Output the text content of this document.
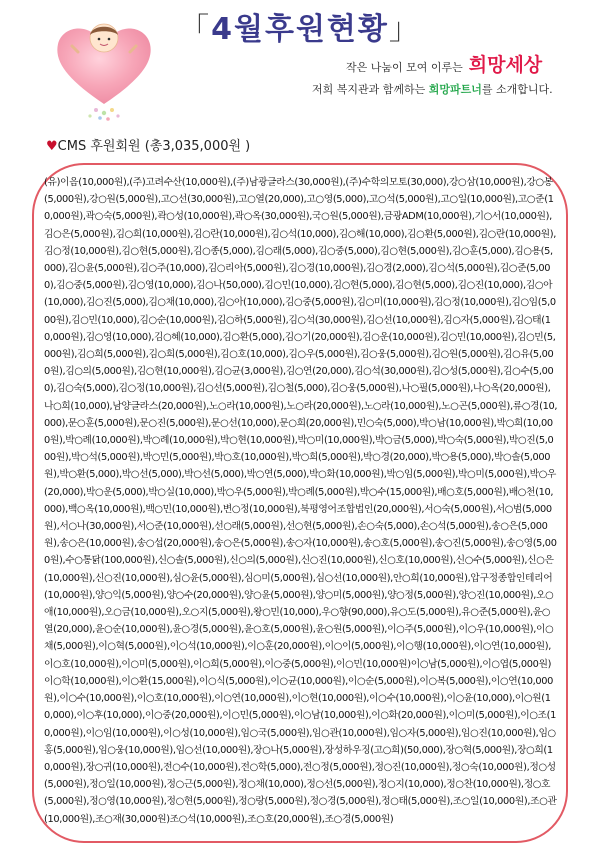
「4월후원현황」
작은 나눔이 모여 이루는 희망세상
저희 복지관과 함께하는 희망파트너를 소개합니다.
♥CMS 후원회원 (총3,035,000원 )
(유)이음(10,000원),(주)고려수산(10,000원),(주)남광글라스(30,000원),(주)수학의모토(30,000),강○삼(10,000원),강○봉(5,000원),강○원(5,000원),고○선(30,000원),고○열(20,000),고○영(5,000),고○석(5,000원),고○일(10,000원),고○준(10,000원),곽○숙(5,000원),곽○성(10,000원),곽○옥(30,000원),국○원(5,000원),금광ADM(10,000원),기○서(10,000원),김○은(5,000원),김○희(10,000원),김○란(10,000원),김○석(10,000),김○해(10,000),김○환(5,000원),김○란(10,000원),김○정(10,000원),김○현(5,000원),김○종(5,000),김○래(5,000),김○중(5,000),김○현(5,000원),김○훈(5,000),김○용(5,000),김○윤(5,000원),김○주(10,000),김○리아(5,000원),김○경(10,000원),김○경(2,000),김○석(5,000원),김○준(5,000),김○중(5,000원),김○영(10,000),김○나(50,000),김○민(10,000),김○현(5,000),김○현(5,000),김○진(10,000),김○아(10,000),김○진(5,000),김○채(10,000),김○아(10,000),김○중(5,000원),김○미(10,000원),김○정(10,000원),김○임(5,000원),김○민(10,000),김○순(10,000원),김○하(5,000원),김○석(30,000원),김○선(10,000원),김○자(5,000원),김○태(10,000원),김○영(10,000),김○혜(10,000),김○환(5,000),김○기(20,000원),김○운(10,000원),김○민(10,000원),김○민(5,000원),김○희(5,000원),김○희(5,000원),김○호(10,000),김○우(5,000원),김○웅(5,000원),김○원(5,000원),김○유(5,000원),김○의(5,000원),김○현(10,000원),김○균(3,000원),김○연(20,000),김○석(30,000원),김○성(5,000원),김○수(5,000),김○숙(5,000),김○정(10,000원),김○선(5,000원),김○철(5,000),김○웅(5,000원),나○필(5,000원),나○옥(20,000원),나○희(10,000),남양글라스(20,000원),노○라(10,000원),노○라(20,000원),노○라(10,000원),노○곤(5,000원),류○경(10,000),문○훈(5,000원),문○진(5,000원),문○선(10,000),문○희(20,000원),민○숙(5,000),박○남(10,000원),박○희(10,000원),박○례(10,000원),박○례(10,000원),박○현(10,000원),박○미(10,000원),박○금(5,000),박○숙(5,000원),박○진(5,000원),박○석(5,000원),박○민(5,000원),박○호(10,000원),박○희(5,000원),박○경(20,000),박○용(5,000),박○솔(5,000원),박○환(5,000),박○선(5,000),박○선(5,000),박○연(5,000),박○화(10,000원),박○임(5,000원),박○미(5,000원),박○우(20,000),박○운(5,000),박○실(10,000),박○우(5,000원),박○례(5,000원),박○수(15,000원),배○호(5,000원),배○천(10,000),백○옥(10,000원),백○민(10,000원),변○정(10,000원),북평영어조합법인(20,000원),서○숙(5,000원),서○범(5,000원),서○나(30,000원),서○준(10,000원),선○래(5,000원),선○현(5,000원),손○숙(5,000),손○석(5,000원),송○은(5,000원),송○은(10,000원),송○섭(20,000원),송○은(5,000원),송○자(10,000원),송○호(5,000원),송○진(5,000원),송○영(5,000원),수○통닭(100,000원),신○솔(5,000원),신○의(5,000원),신○진(10,000원),신○호(10,000원),신○수(5,000원),신○은(10,000원),신○진(10,000원),심○윤(5,000원),심○미(5,000원),심○선(10,000원),안○희(10,000원),압구정종합인테리어(10,000원),양○익(5,000원),양○수(20,000원),양○윤(5,000원),양○미(5,000원),양○정(5,000원),양○진(10,000원),오○애(10,000원),오○금(10,000원),오○지(5,000원),왕○민(10,000),우○향(90,000),유○도(5,000원),유○준(5,000원),윤○열(20,000),윤○순(10,000원),윤○경(5,000원),윤○호(5,000원),윤○원(5,000원),이○주(5,000원),이○우(10,000원),이○채(5,000원),이○혁(5,000원),이○석(10,000원),이○훈(20,000원),이○이(5,000원),이○행(10,000원),이○연(10,000원),이○호(10,000원),이○미(5,000원),이○희(5,000원),이○중(5,000원),이○민(10,000원)이○남(5,000원),이○엽(5,000원)이○학(10,000원),이○환(15,000원),이○식(5,000원),이○균(10,000원),이○순(5,000원),이○복(5,000원),이○연(10,000원),이○수(10,000원),이○호(10,000원),이○연(10,000원),이○현(10,000원),이○수(10,000원),이○윤(10,000),이○원(10,000),이○후(10,000),이○중(20,000원),이○민(5,000원),이○남(10,000원),이○화(20,000원),이○미(5,000원),이○조(10,000원),이○임(10,000원),이○성(10,000원),임○국(5,000원),임○관(10,000원),임○자(5,000원),임○진(10,000원),임○홍(5,000원),임○웅(10,000원),임○선(10,000원),장○나(5,000원),장성하우징(고○희)(50,000),장○혁(5,000원),장○희(10,000원),장○귀(10,000원),전○수(10,000원),전○학(5,000),전○정(5,000원),정○진(10,000원),정○숙(10,000원),정○성(5,000원),정○일(10,000원),정○근(5,000원),정○채(10,000),정○선(5,000원),정○지(10,000),정○찬(10,000원),정○호(5,000원),정○영(10,000원),정○현(5,000원),정○랑(5,000원),정○경(5,000원),정○태(5,000원),조○일(10,000원),조○관(10,000원),조○재(30,000원)조○석(10,000원),조○호(20,000원),조○경(5,000원)
